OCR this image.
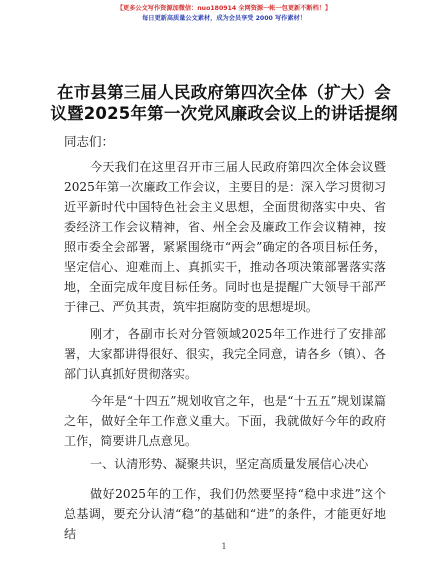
【更多公文写作资源加微信：nuo180914 全网资源一帐一包更新不断档！】
每日更新高质量公文素材，成为会员享受 2000 写作素材！
在市县第三届人民政府第四次全体（扩大）会议暨2025年第一次党风廉政会议上的讲话提纲
同志们：

今天我们在这里召开市三届人民政府第四次全体会议暨2025年第一次廉政工作会议，主要目的是：深入学习贯彻习近平新时代中国特色社会主义思想，全面贯彻落实中央、省委经济工作会议精神，省、州全会及廉政工作会议精神，按照市委全会部署，紧紧围绕市“两会”确定的各项目标任务，坚定信心、迎难而上、真抓实干，推动各项决策部署落实落地，全面完成年度目标任务。同时也是提醒广大领导干部严于律己、严负其责，筑牢拒腐防变的思想堤坝。

刚才，各副市长对分管领域2025年工作进行了安排部署，大家都讲得很好、很实，我完全同意，请各乡（镇）、各部门认真抓好贯彻落实。

今年是“十四五”规划收官之年，也是“十五五”规划谋篇之年，做好全年工作意义重大。下面，我就做好今年的政府工作，简要讲几点意见。

一、认清形势、凝聚共识，坚定高质量发展信心决心

做好2025年的工作，我们仍然要坚持“稳中求进”这个总基调，要充分认清“稳”的基础和“进”的条件，才能更好地结

1
